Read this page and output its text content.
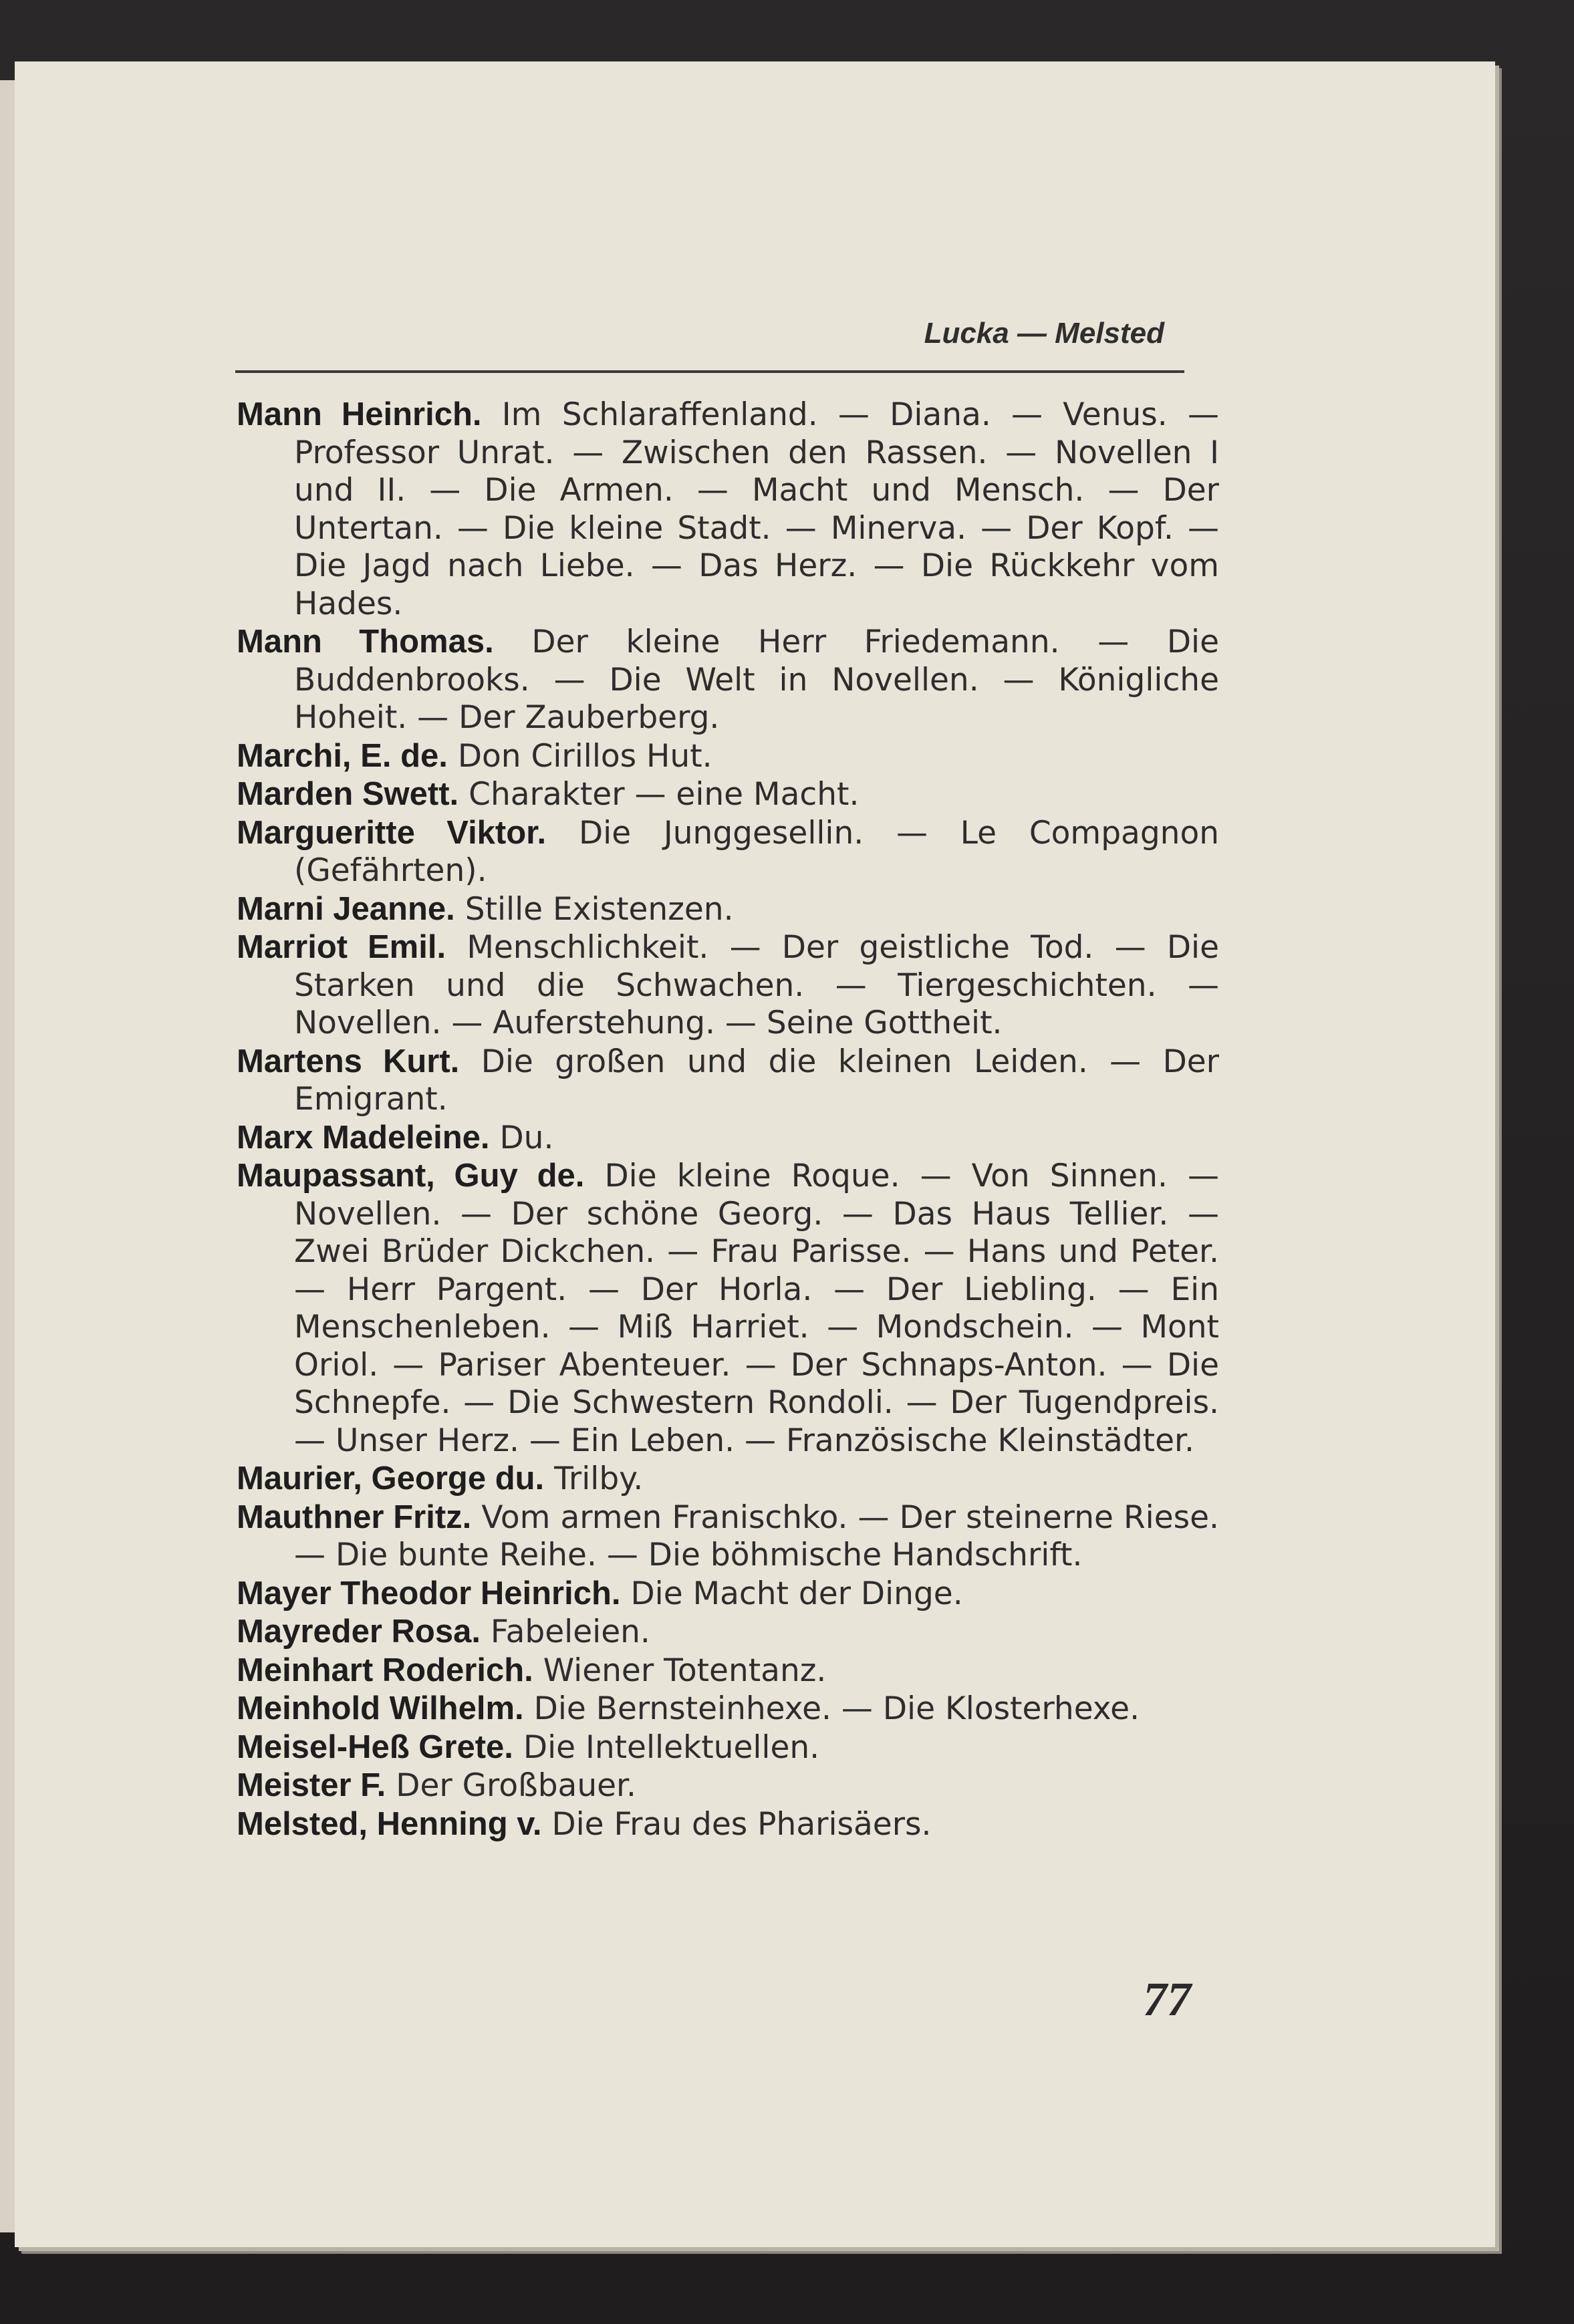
Lucka — Melsted

Mann Heinrich. Im Schlaraffenland. — Diana. — Venus. — Professor Unrat. — Zwischen den Rassen. — Novellen I und II. — Die Armen. — Macht und Mensch. — Der Untertan. — Die kleine Stadt. — Minerva. — Der Kopf. — Die Jagd nach Liebe. — Das Herz. — Die Rückkehr vom Hades.

Mann Thomas. Der kleine Herr Friedemann. — Die Buddenbrooks. — Die Welt in Novellen. — Königliche Hoheit. — Der Zauberberg.

Marchi, E. de. Don Cirillos Hut.

Marden Swett. Charakter — eine Macht.

Margueritte Viktor. Die Junggesellin. — Le Compagnon (Gefährten).

Marni Jeanne. Stille Existenzen.

Marriot Emil. Menschlichkeit. — Der geistliche Tod. — Die Starken und die Schwachen. — Tiergeschichten. — Novellen. — Auferstehung. — Seine Gottheit.

Martens Kurt. Die großen und die kleinen Leiden. — Der Emigrant.

Marx Madeleine. Du.

Maupassant, Guy de. Die kleine Roque. — Von Sinnen. — Novellen. — Der schöne Georg. — Das Haus Tellier. — Zwei Brüder Dickchen. — Frau Parisse. — Hans und Peter. — Herr Pargent. — Der Horla. — Der Liebling. — Ein Menschenleben. — Miß Harriet. — Mondschein. — Mont Oriol. — Pariser Abenteuer. — Der Schnaps-Anton. — Die Schnepfe. — Die Schwestern Rondoli. — Der Tugendpreis. — Unser Herz. — Ein Leben. — Französische Kleinstädter.

Maurier, George du. Trilby.

Mauthner Fritz. Vom armen Franischko. — Der steinerne Riese. — Die bunte Reihe. — Die böhmische Handschrift.

Mayer Theodor Heinrich. Die Macht der Dinge.

Mayreder Rosa. Fabeleien.

Meinhart Roderich. Wiener Totentanz.

Meinhold Wilhelm. Die Bernsteinhexe. — Die Klosterhexe.

Meisel-Heß Grete. Die Intellektuellen.

Meister F. Der Großbauer.

Melsted, Henning v. Die Frau des Pharisäers.

77
